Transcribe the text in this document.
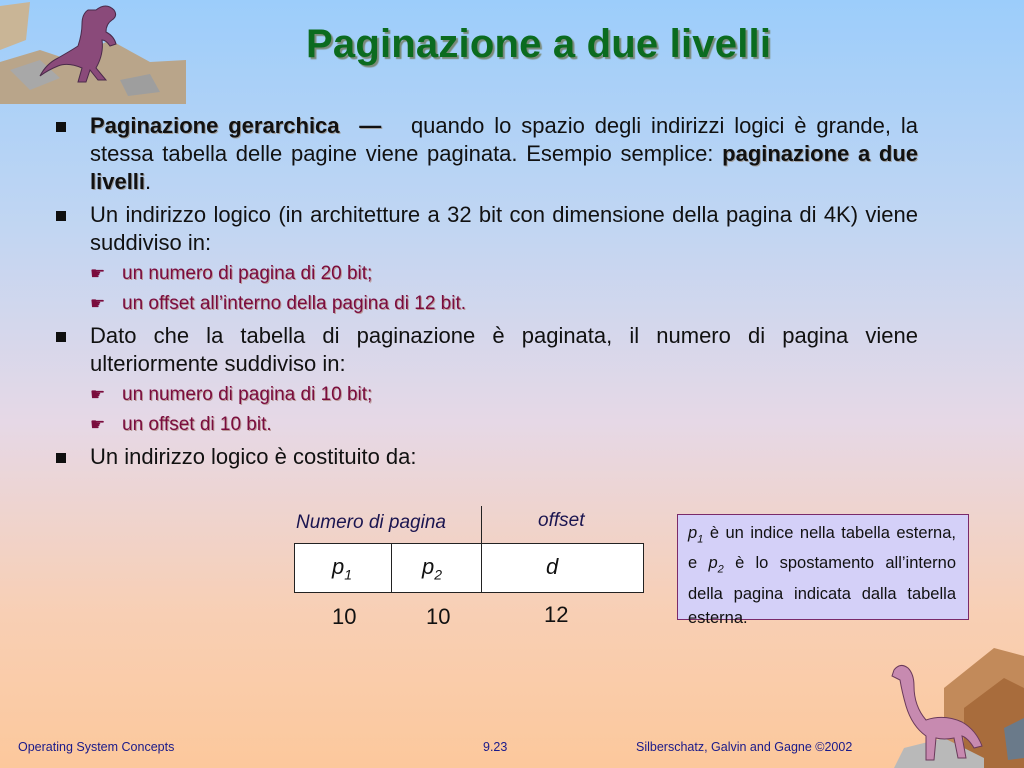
Paginazione a due livelli
Paginazione gerarchica — quando lo spazio degli indirizzi logici è grande, la stessa tabella delle pagine viene paginata. Esempio semplice: paginazione a due livelli.
Un indirizzo logico (in architetture a 32 bit con dimensione della pagina di 4K) viene suddiviso in:
☛ un numero di pagina di 20 bit;
☛ un offset all’interno della pagina di 12 bit.
Dato che la tabella di paginazione è paginata, il numero di pagina viene ulteriormente suddiviso in:
☛ un numero di pagina di 10 bit;
☛ un offset di 10 bit.
Un indirizzo logico è costituito da:
Numero di pagina	offset
$p_1$	$p_2$	d
10	10	12
$p_1$ è un indice nella tabella esterna, e $p_2$ è lo spostamento all’interno della pagina indicata dalla tabella esterna.
Operating System Concepts	9.23	Silberschatz, Galvin and Gagne ©2002
